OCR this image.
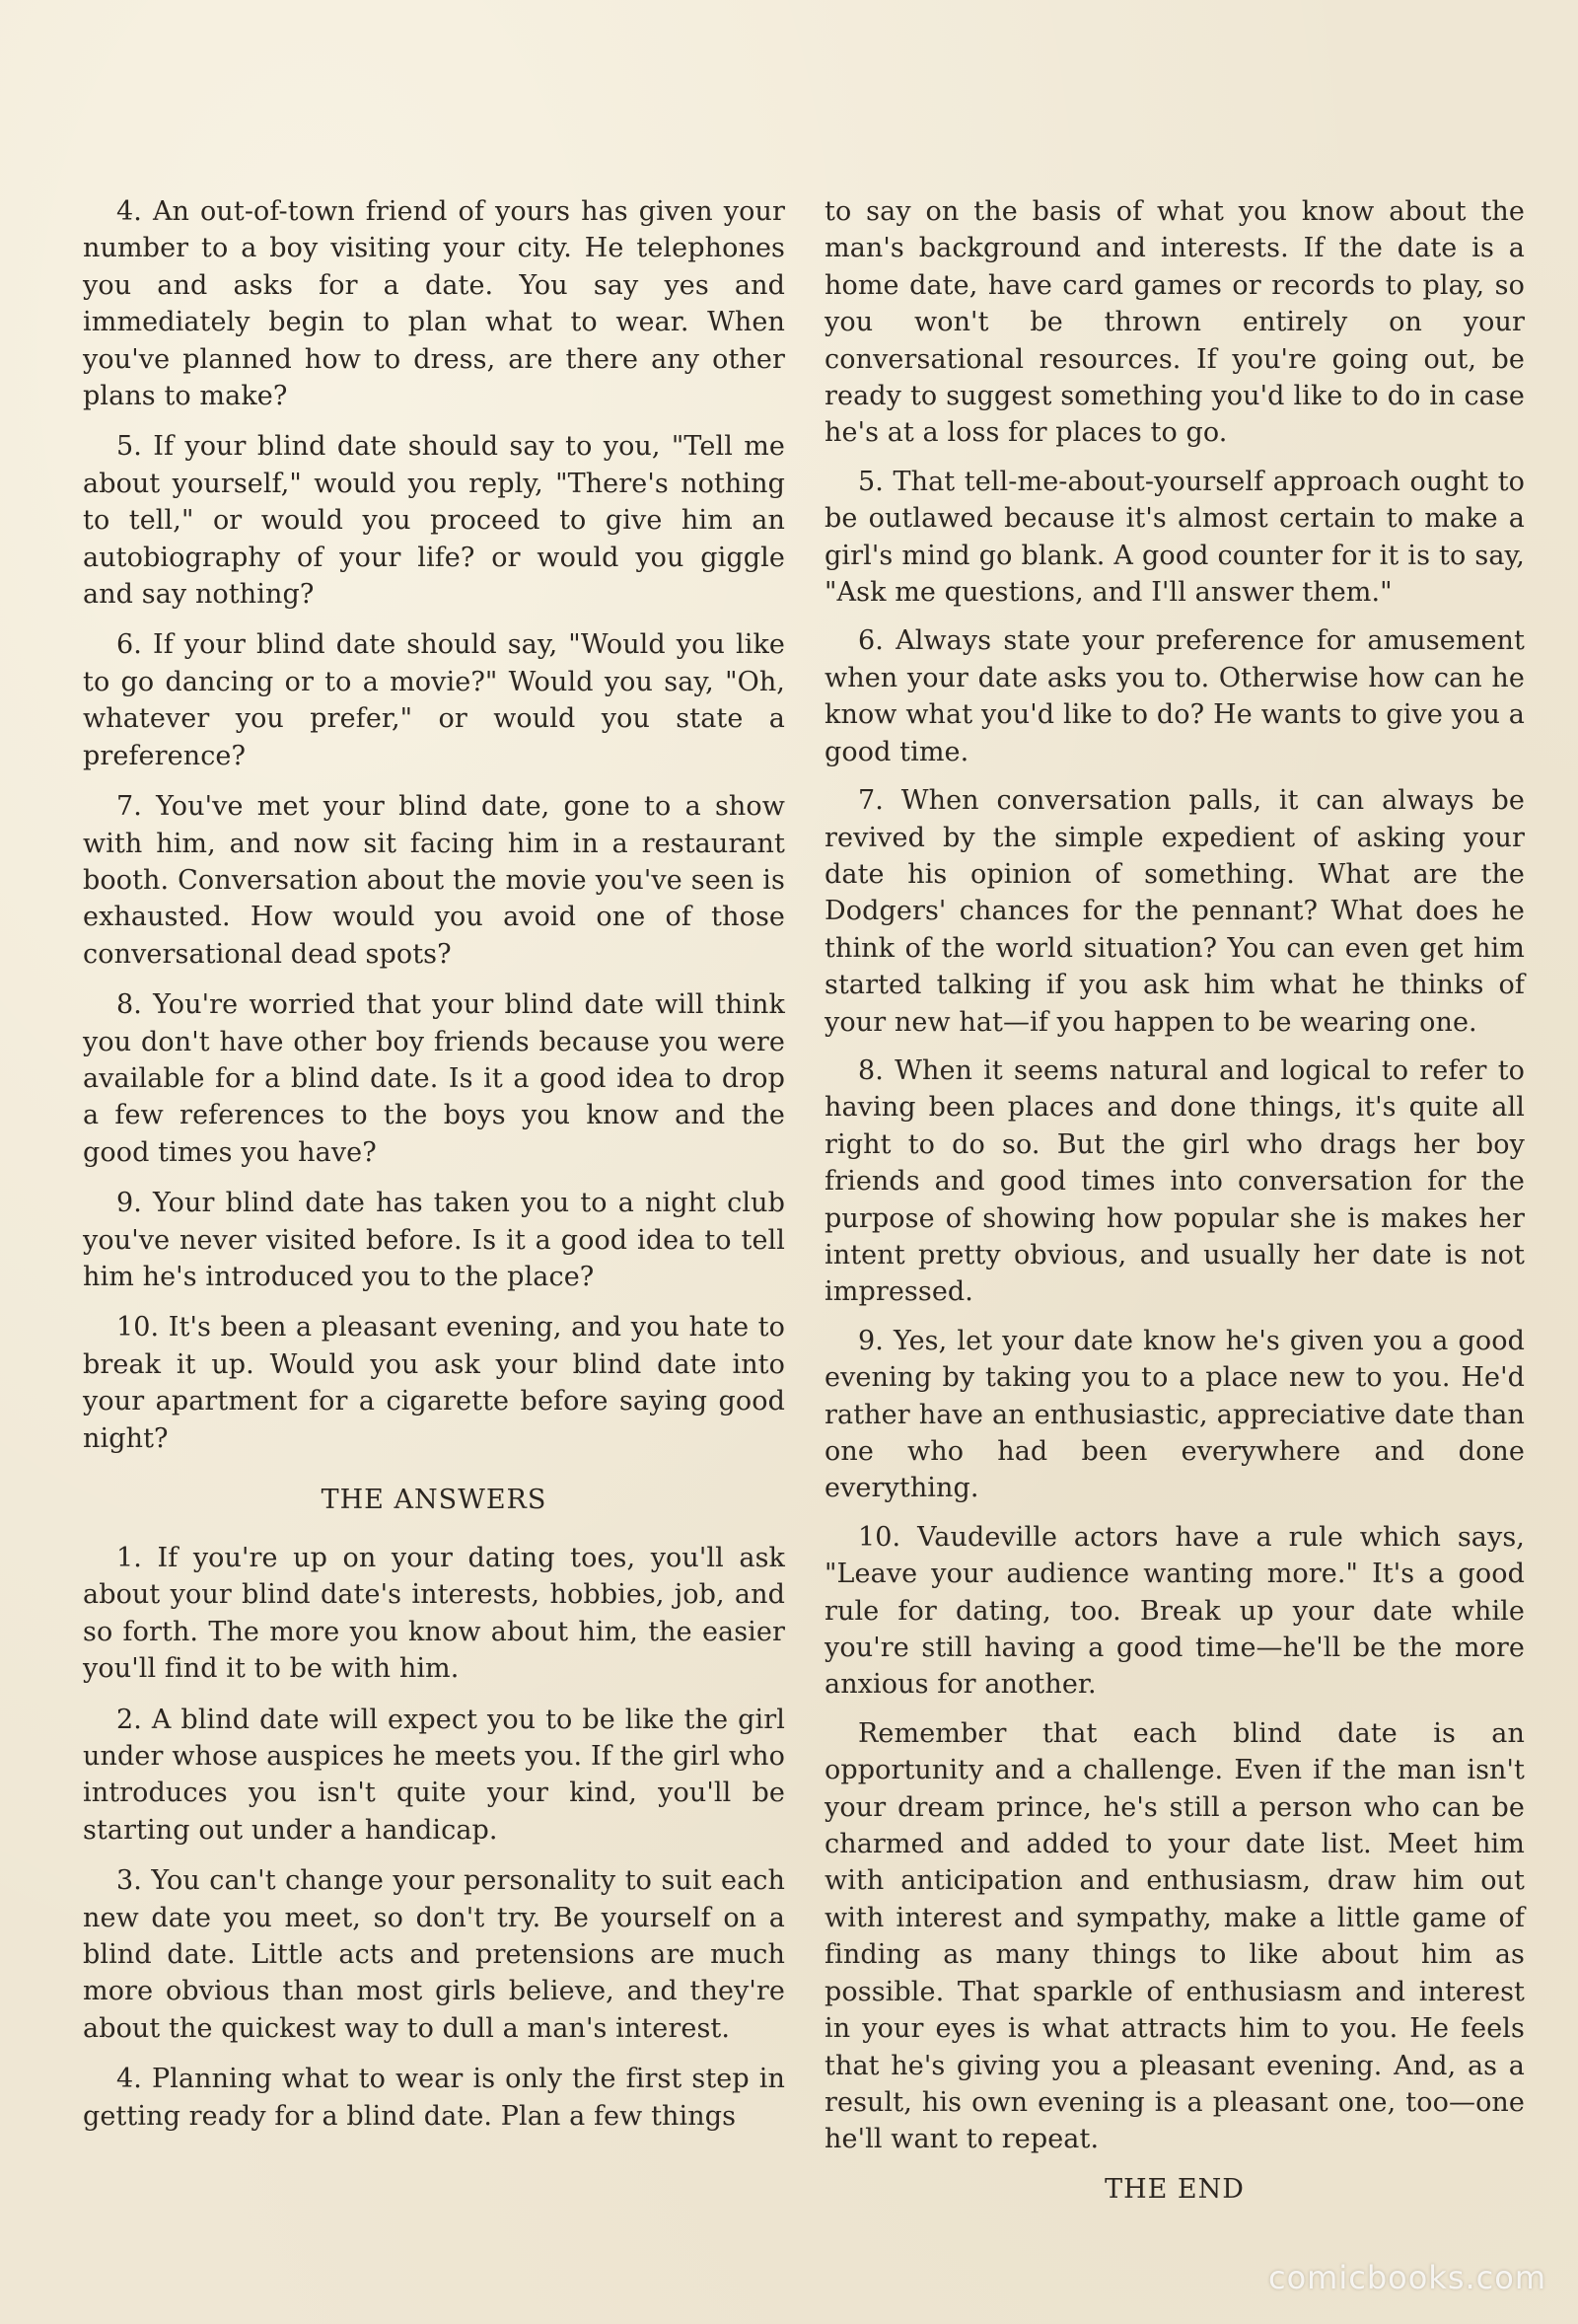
4. An out-of-town friend of yours has given your number to a boy visiting your city. He telephones you and asks for a date. You say yes and immediately begin to plan what to wear. When you've planned how to dress, are there any other plans to make?

5. If your blind date should say to you, "Tell me about yourself," would you reply, "There's nothing to tell," or would you proceed to give him an autobiography of your life? or would you giggle and say nothing?

6. If your blind date should say, "Would you like to go dancing or to a movie?" Would you say, "Oh, whatever you prefer," or would you state a preference?

7. You've met your blind date, gone to a show with him, and now sit facing him in a restaurant booth. Conversation about the movie you've seen is exhausted. How would you avoid one of those conversational dead spots?

8. You're worried that your blind date will think you don't have other boy friends because you were available for a blind date. Is it a good idea to drop a few references to the boys you know and the good times you have?

9. Your blind date has taken you to a night club you've never visited before. Is it a good idea to tell him he's introduced you to the place?

10. It's been a pleasant evening, and you hate to break it up. Would you ask your blind date into your apartment for a cigarette before saying good night?

THE ANSWERS

1. If you're up on your dating toes, you'll ask about your blind date's interests, hobbies, job, and so forth. The more you know about him, the easier you'll find it to be with him.

2. A blind date will expect you to be like the girl under whose auspices he meets you. If the girl who introduces you isn't quite your kind, you'll be starting out under a handicap.

3. You can't change your personality to suit each new date you meet, so don't try. Be yourself on a blind date. Little acts and pretensions are much more obvious than most girls believe, and they're about the quickest way to dull a man's interest.

4. Planning what to wear is only the first step in getting ready for a blind date. Plan a few things

to say on the basis of what you know about the man's background and interests. If the date is a home date, have card games or records to play, so you won't be thrown entirely on your conversational resources. If you're going out, be ready to suggest something you'd like to do in case he's at a loss for places to go.

5. That tell-me-about-yourself approach ought to be outlawed because it's almost certain to make a girl's mind go blank. A good counter for it is to say, "Ask me questions, and I'll answer them."

6. Always state your preference for amusement when your date asks you to. Otherwise how can he know what you'd like to do? He wants to give you a good time.

7. When conversation palls, it can always be revived by the simple expedient of asking your date his opinion of something. What are the Dodgers' chances for the pennant? What does he think of the world situation? You can even get him started talking if you ask him what he thinks of your new hat—if you happen to be wearing one.

8. When it seems natural and logical to refer to having been places and done things, it's quite all right to do so. But the girl who drags her boy friends and good times into conversation for the purpose of showing how popular she is makes her intent pretty obvious, and usually her date is not impressed.

9. Yes, let your date know he's given you a good evening by taking you to a place new to you. He'd rather have an enthusiastic, appreciative date than one who had been everywhere and done everything.

10. Vaudeville actors have a rule which says, "Leave your audience wanting more." It's a good rule for dating, too. Break up your date while you're still having a good time—he'll be the more anxious for another.

Remember that each blind date is an opportunity and a challenge. Even if the man isn't your dream prince, he's still a person who can be charmed and added to your date list. Meet him with anticipation and enthusiasm, draw him out with interest and sympathy, make a little game of finding as many things to like about him as possible. That sparkle of enthusiasm and interest in your eyes is what attracts him to you. He feels that he's giving you a pleasant evening. And, as a result, his own evening is a pleasant one, too—one he'll want to repeat.

THE END
comicbooks.com
